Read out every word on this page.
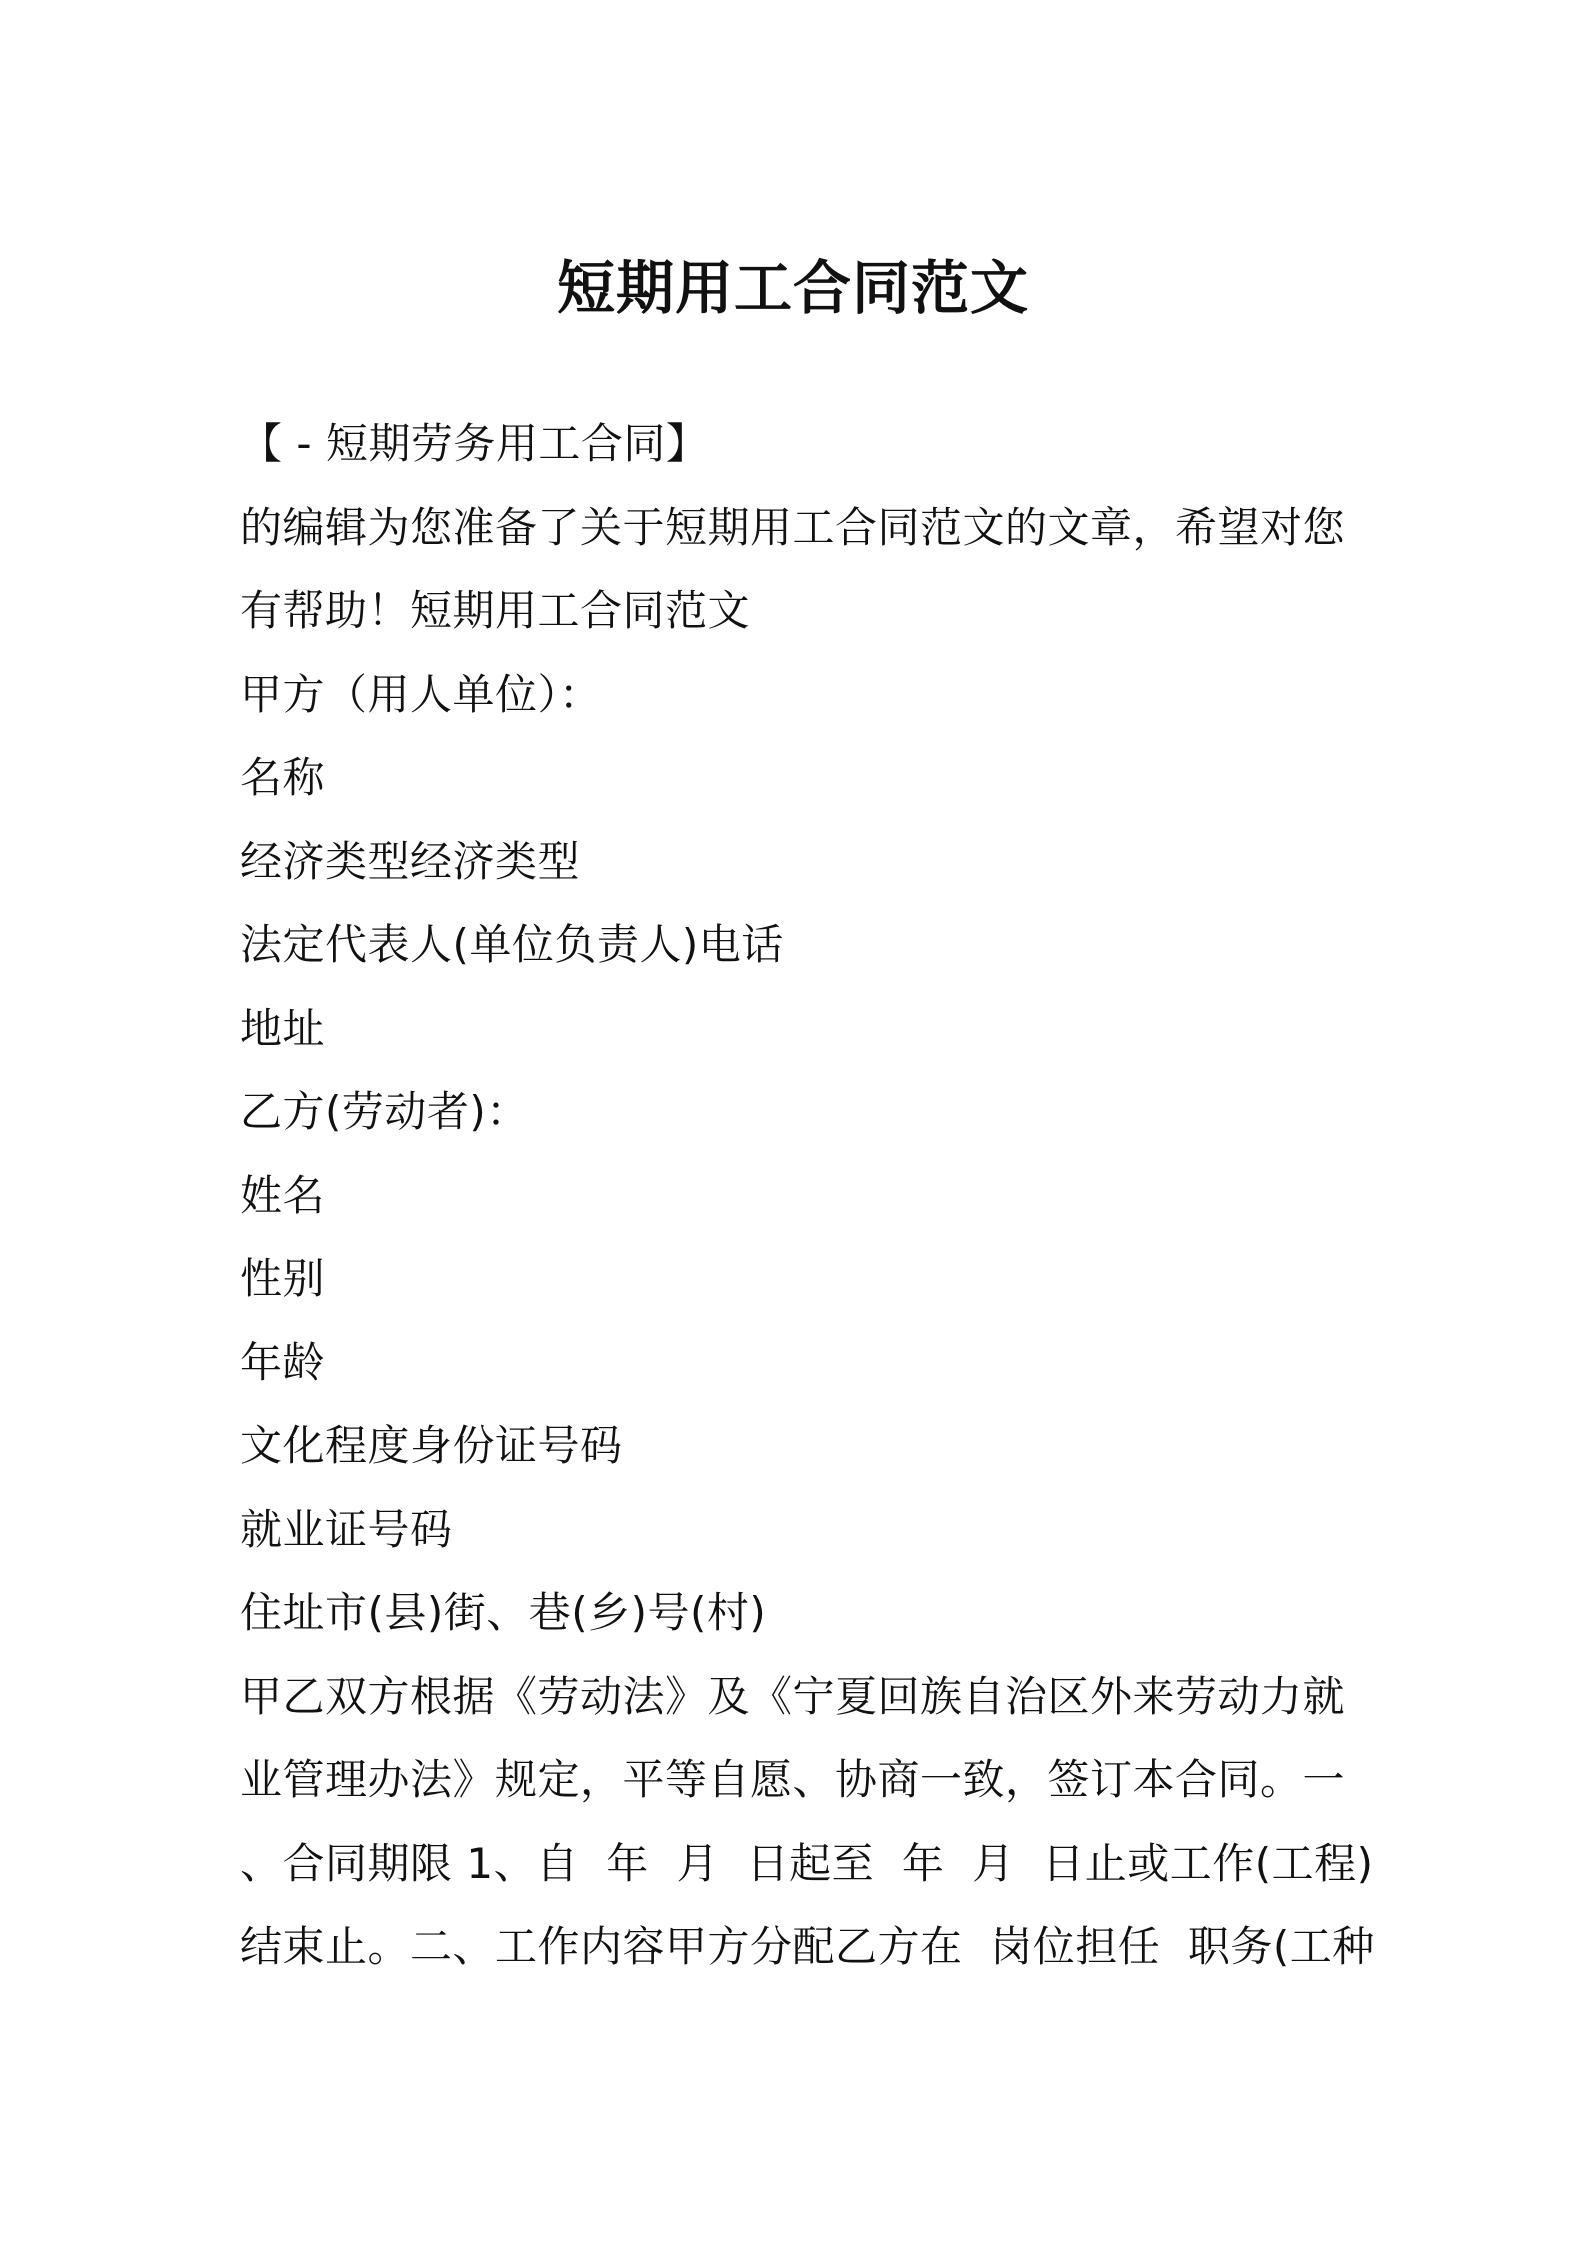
短期用工合同范文
【 - 短期劳务用工合同】
的编辑为您准备了关于短期用工合同范文的文章，希望对您
有帮助！短期用工合同范文
甲方（用人单位）：
名称
经济类型经济类型
法定代表人(单位负责人)电话
地址
乙方(劳动者)：
姓名
性别
年龄
文化程度身份证号码
就业证号码
住址市(县)街、巷(乡)号(村)
甲乙双方根据《劳动法》及《宁夏回族自治区外来劳动力就
业管理办法》规定，平等自愿、协商一致，签订本合同。一
、合同期限 1、自  年  月  日起至  年  月  日止或工作(工程)
结束止。二、工作内容甲方分配乙方在  岗位担任  职务(工种
